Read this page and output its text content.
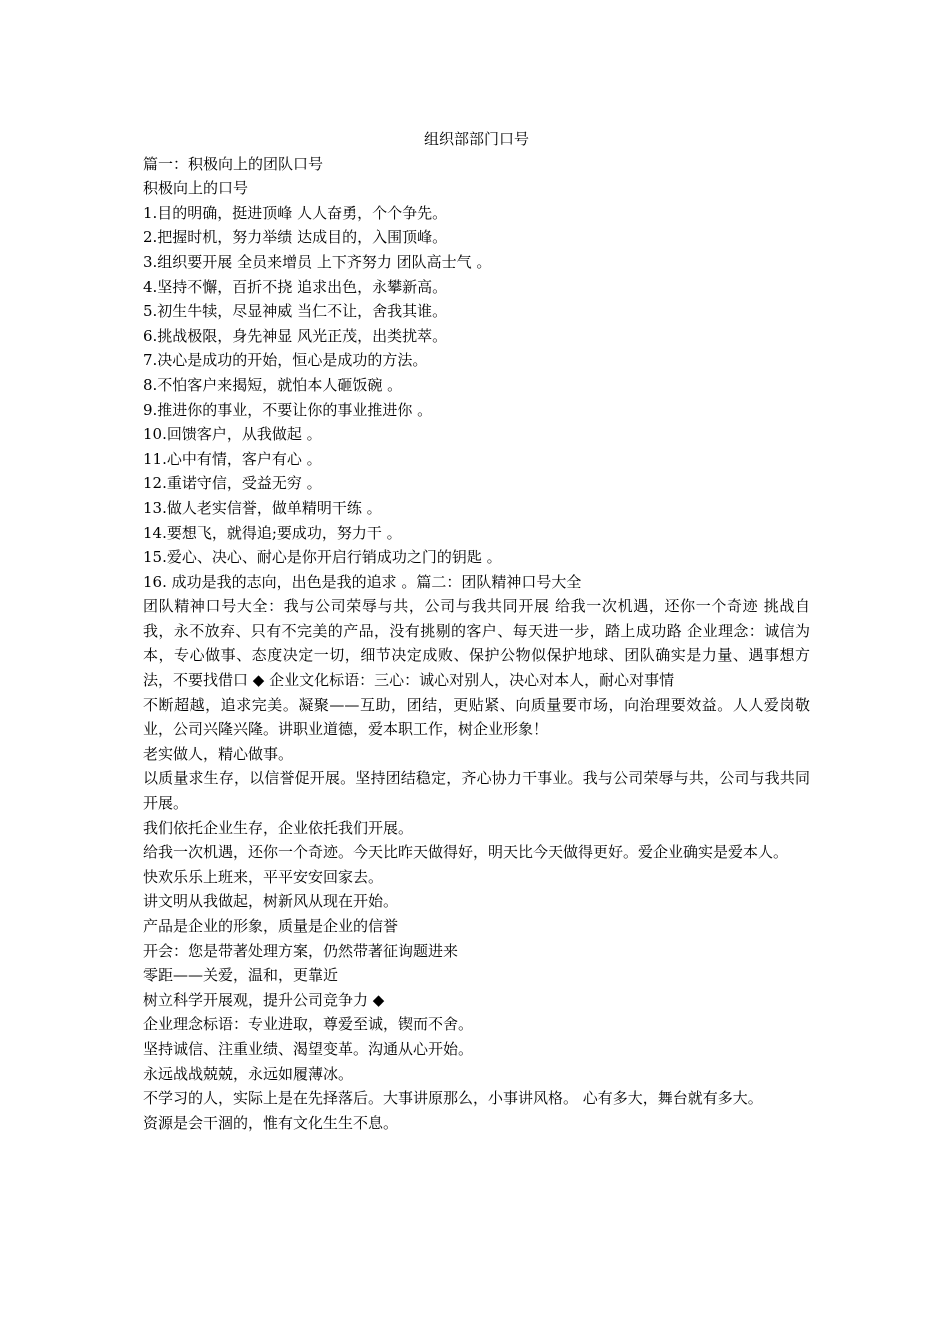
组织部部门口号

篇一：积极向上的团队口号

积极向上的口号

1.目的明确，挺进顶峰 人人奋勇，个个争先。

2.把握时机，努力举绩 达成目的，入围顶峰。

3.组织要开展 全员来增员 上下齐努力 团队高士气 。

4.坚持不懈，百折不挠 追求出色，永攀新高。

5.初生牛犊，尽显神威 当仁不让，舍我其谁。

6.挑战极限，身先神显 风光正茂，出类扰萃。

7.决心是成功的开始，恒心是成功的方法。

8.不怕客户来揭短，就怕本人砸饭碗 。

9.推进你的事业，不要让你的事业推进你 。

10.回馈客户，从我做起 。

11.心中有情，客户有心 。

12.重诺守信，受益无穷 。

13.做人老实信誉，做单精明干练 。

14.要想飞，就得追;要成功，努力干 。

15.爱心、决心、耐心是你开启行销成功之门的钥匙 。

16. 成功是我的志向，出色是我的追求 。篇二：团队精神口号大全

团队精神口号大全：我与公司荣辱与共，公司与我共同开展 给我一次机遇，还你一个奇迹 挑战自我，永不放弃、只有不完美的产品，没有挑剔的客户、每天进一步，踏上成功路 企业理念：诚信为本，专心做事、态度决定一切，细节决定成败、保护公物似保护地球、团队确实是力量、遇事想方法，不要找借口 ◆ 企业文化标语：三心：诚心对别人，决心对本人，耐心对事情

不断超越，追求完美。凝聚——互助，团结，更贴紧、向质量要市场，向治理要效益。人人爱岗敬业，公司兴隆兴隆。讲职业道德，爱本职工作，树企业形象！

老实做人，精心做事。

以质量求生存，以信誉促开展。坚持团结稳定，齐心协力干事业。我与公司荣辱与共，公司与我共同开展。

我们依托企业生存，企业依托我们开展。

给我一次机遇，还你一个奇迹。今天比昨天做得好，明天比今天做得更好。爱企业确实是爱本人。

快欢乐乐上班来，平平安安回家去。

讲文明从我做起，树新风从现在开始。

产品是企业的形象，质量是企业的信誉

开会：您是带著处理方案，仍然带著征询题进来

零距——关爱，温和，更靠近

树立科学开展观，提升公司竞争力 ◆

企业理念标语：专业进取，尊爱至诚，锲而不舍。

坚持诚信、注重业绩、渴望变革。沟通从心开始。

永远战战兢兢，永远如履薄冰。

不学习的人，实际上是在先择落后。大事讲原那么，小事讲风格。 心有多大，舞台就有多大。

资源是会干涸的，惟有文化生生不息。
